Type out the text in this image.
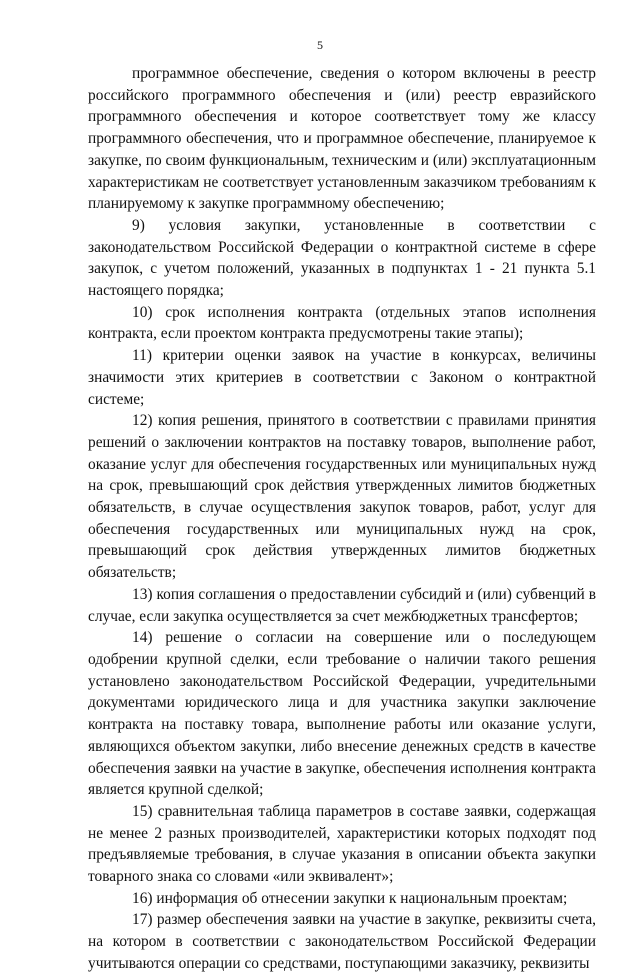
5

программное обеспечение, сведения о котором включены в реестр российского программного обеспечения и (или) реестр евразийского программного обеспечения и которое соответствует тому же классу программного обеспечения, что и программное обеспечение, планируемое к закупке, по своим функциональным, техническим и (или) эксплуатационным характеристикам не соответствует установленным заказчиком требованиям к планируемому к закупке программному обеспечению;

9) условия закупки, установленные в соответствии с законодательством Российской Федерации о контрактной системе в сфере закупок, с учетом положений, указанных в подпунктах 1 - 21 пункта 5.1 настоящего порядка;

10) срок исполнения контракта (отдельных этапов исполнения контракта, если проектом контракта предусмотрены такие этапы);

11) критерии оценки заявок на участие в конкурсах, величины значимости этих критериев в соответствии с Законом о контрактной системе;

12) копия решения, принятого в соответствии с правилами принятия решений о заключении контрактов на поставку товаров, выполнение работ, оказание услуг для обеспечения государственных или муниципальных нужд на срок, превышающий срок действия утвержденных лимитов бюджетных обязательств, в случае осуществления закупок товаров, работ, услуг для обеспечения государственных или муниципальных нужд на срок, превышающий срок действия утвержденных лимитов бюджетных обязательств;

13) копия соглашения о предоставлении субсидий и (или) субвенций в случае, если закупка осуществляется за счет межбюджетных трансфертов;

14) решение о согласии на совершение или о последующем одобрении крупной сделки, если требование о наличии такого решения установлено законодательством Российской Федерации, учредительными документами юридического лица и для участника закупки заключение контракта на поставку товара, выполнение работы или оказание услуги, являющихся объектом закупки, либо внесение денежных средств в качестве обеспечения заявки на участие в закупке, обеспечения исполнения контракта является крупной сделкой;

15) сравнительная таблица параметров в составе заявки, содержащая не менее 2 разных производителей, характеристики которых подходят под предъявляемые требования, в случае указания в описании объекта закупки товарного знака со словами «или эквивалент»;

16) информация об отнесении закупки к национальным проектам;

17) размер обеспечения заявки на участие в закупке, реквизиты счета, на котором в соответствии с законодательством Российской Федерации учитываются операции со средствами, поступающими заказчику, реквизиты
